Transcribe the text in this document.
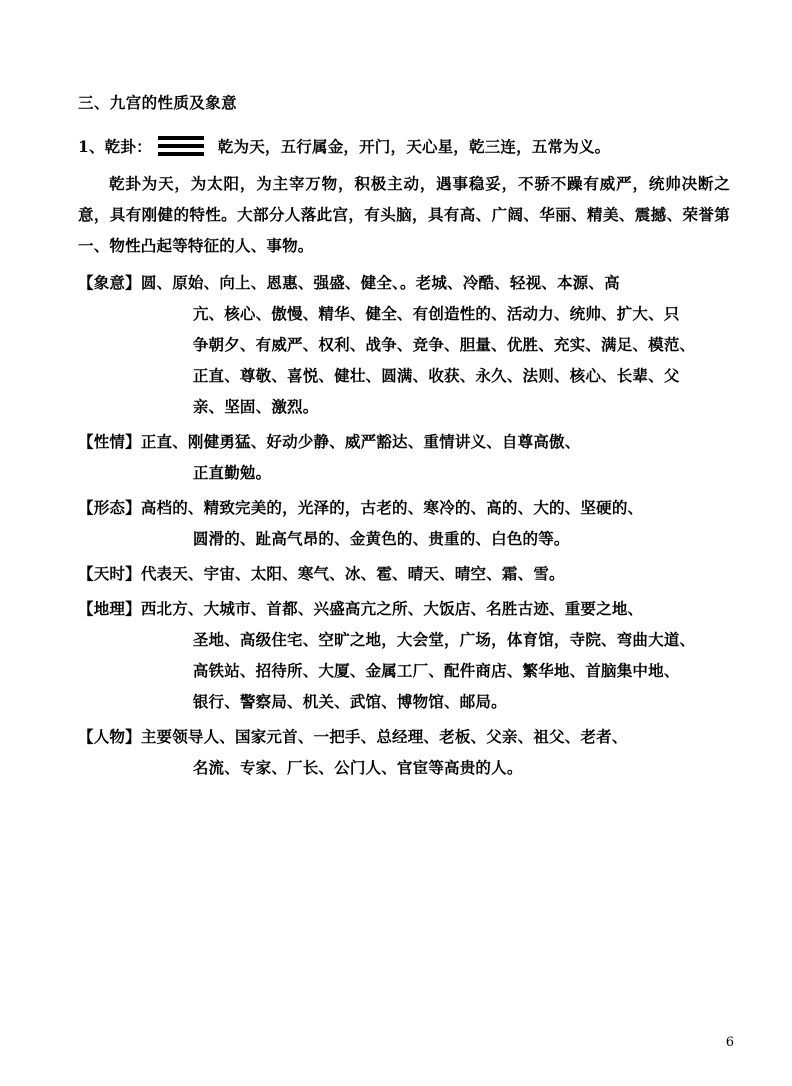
三、九宫的性质及象意
1、乾卦：	乾为天，五行属金，开门，天心星，乾三连，五常为义。

乾卦为天，为太阳，为主宰万物，积极主动，遇事稳妥，不骄不躁有威严，统帅决断之意，具有刚健的特性。大部分人落此宫，有头脑，具有高、广阔、华丽、精美、震撼、荣誉第一、物性凸起等特征的人、事物。

【象意】 圆、原始、向上、恩惠、强盛、健全、。老城、冷酷、轻视、本源、高
亢、核心、傲慢、精华、健全、有创造性的、活动力、统帅、扩大、只
争朝夕、有威严、权利、战争、竞争、胆量、优胜、充实、满足、模范、
正直、尊敬、喜悦、健壮、圆满、收获、永久、法则、核心、长辈、父
亲、坚固、激烈。
【性情】 正直、刚健勇猛、好动少静、威严豁达、重情讲义、自尊高傲、
正直勤勉。
【形态】 高档的、精致完美的，光泽的，古老的、寒冷的、高的、大的、坚硬的、
圆滑的、趾高气昂的、金黄色的、贵重的、白色的等。
【天时】 代表天、宇宙、太阳、寒气、冰、雹、晴天、晴空、霜、雪。
【地理】 西北方、大城市、首都、兴盛高亢之所、大饭店、名胜古迹、重要之地、
圣地、高级住宅、空旷之地，大会堂，广场，体育馆，寺院、弯曲大道、
高铁站、招待所、大厦、金属工厂、配件商店、繁华地、首脑集中地、
银行、警察局、机关、武馆、博物馆、邮局。
【人物】 主要领导人、国家元首、一把手、总经理、老板、父亲、祖父、老者、
名流、专家、厂长、公门人、官宦等高贵的人。
6
